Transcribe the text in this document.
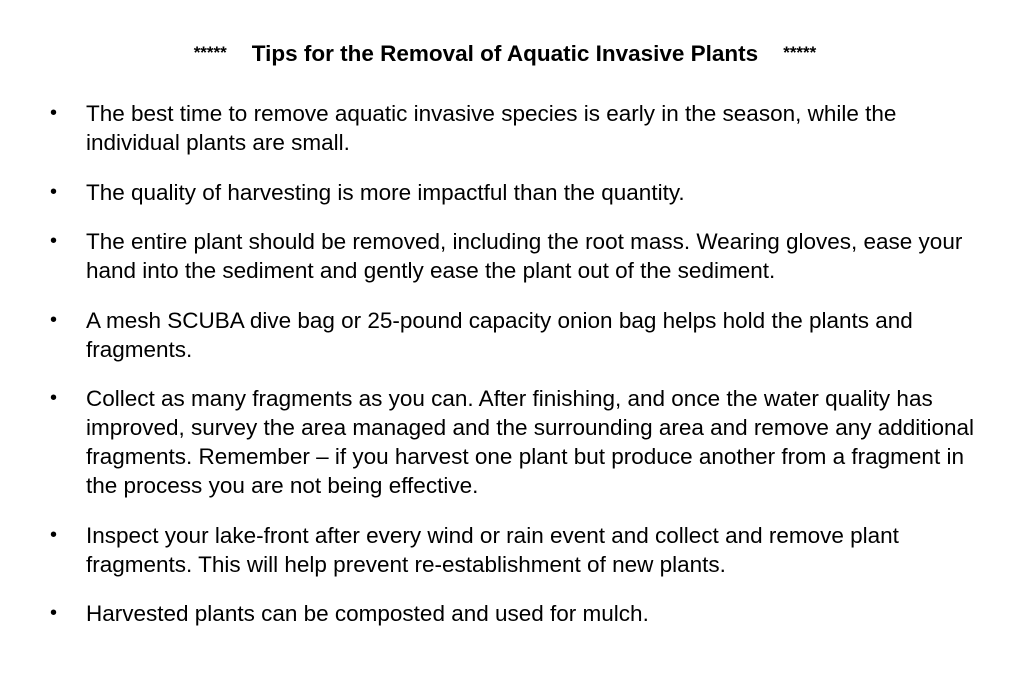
***** Tips for the Removal of Aquatic Invasive Plants *****
•	The best time to remove aquatic invasive species is early in the season, while the individual plants are small.
•	The quality of harvesting is more impactful than the quantity.
•	The entire plant should be removed, including the root mass. Wearing gloves, ease your hand into the sediment and gently ease the plant out of the sediment.
•	A mesh SCUBA dive bag or 25-pound capacity onion bag helps hold the plants and fragments.
•	Collect as many fragments as you can. After finishing, and once the water quality has improved, survey the area managed and the surrounding area and remove any additional fragments. Remember – if you harvest one plant but produce another from a fragment in the process you are not being effective.
•	Inspect your lake-front after every wind or rain event and collect and remove plant fragments. This will help prevent re-establishment of new plants.
•	Harvested plants can be composted and used for mulch.
